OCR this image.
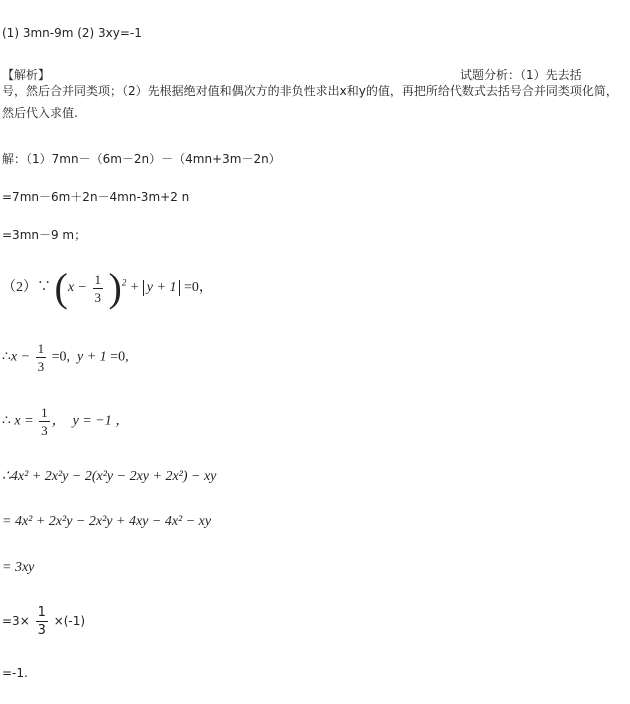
(1) 3mn-9m (2) 3xy=-1
【解析】	试题分析：（1）先去括
号，然后合并同类项；（2）先根据绝对值和偶次方的非负性求出x和y的值，再把所给代数式去括号合并同类项化简，然后代入求值.
解：（1）7mn－（6m－2n）－（4mn+3m－2n）
=7mn－6m＋2n－4mn-3m+2 n
=3mn－9 m；
（2）∵ $(x - \frac{1}{3} )^2 + y + 1 =0$，
∴x − $\frac{1}{3} =0$,  y + 1 =0,
∴ $x = \frac{1}{3}$ ，  y = −1 ，
∴4x² + 2x²y − 2(x²y − 2xy + 2x²) − xy
= 4x² + 2x²y − 2x²y + 4xy − 4x² − xy
= 3xy
$=3\times \frac{1}{3} \times(-1)$
=-1.
